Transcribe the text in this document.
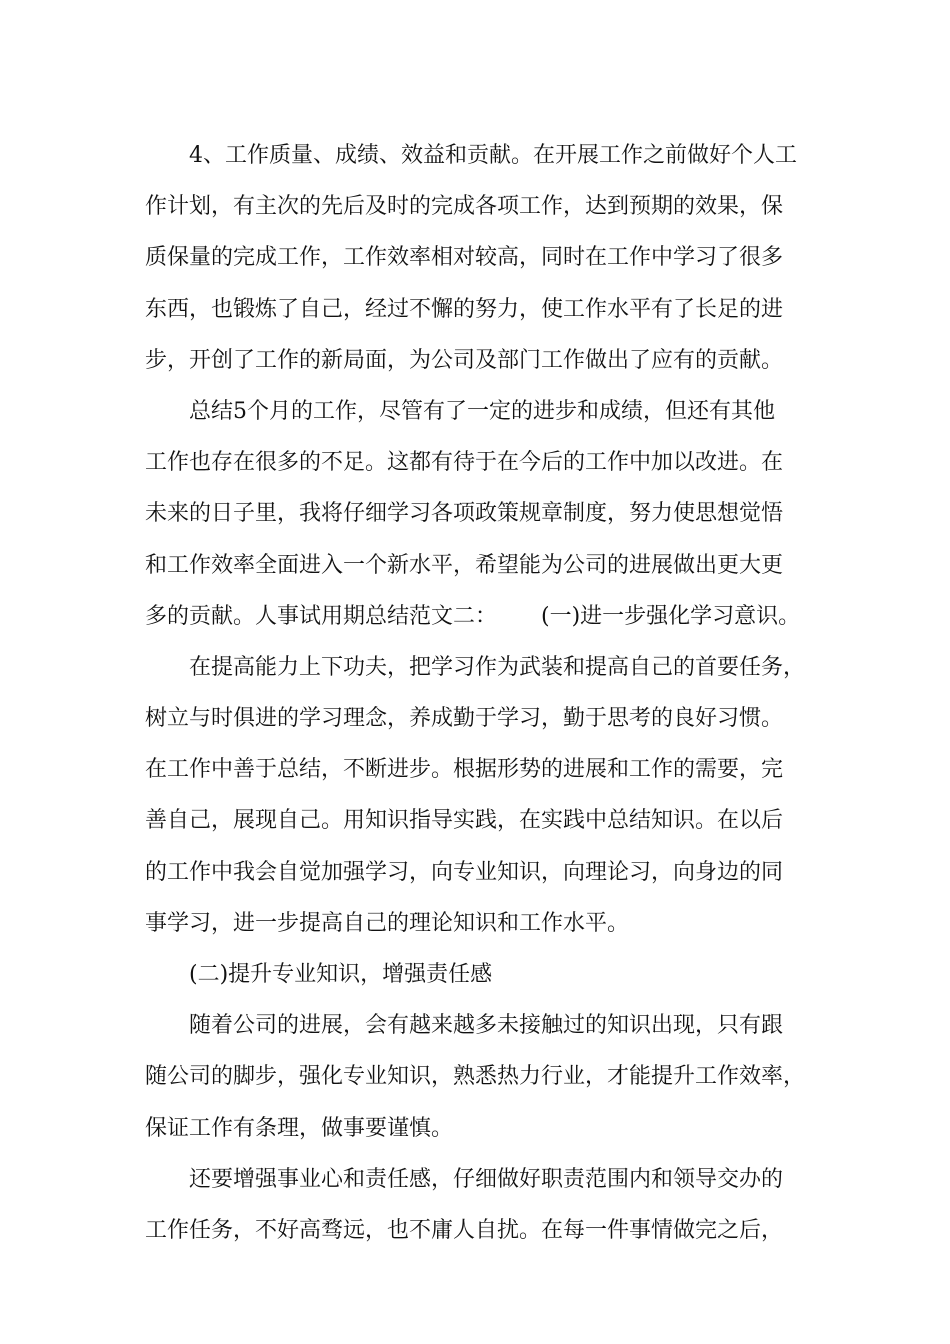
4、工作质量、成绩、效益和贡献。在开展工作之前做好个人工
作计划，有主次的先后及时的完成各项工作，达到预期的效果，保
质保量的完成工作，工作效率相对较高，同时在工作中学习了很多
东西，也锻炼了自己，经过不懈的努力，使工作水平有了长足的进
步，开创了工作的新局面，为公司及部门工作做出了应有的贡献。

总结5个月的工作，尽管有了一定的进步和成绩，但还有其他
工作也存在很多的不足。这都有待于在今后的工作中加以改进。在
未来的日子里，我将仔细学习各项政策规章制度，努力使思想觉悟
和工作效率全面进入一个新水平，希望能为公司的进展做出更大更
多的贡献。人事试用期总结范文二： (一)进一步强化学习意识。

在提高能力上下功夫，把学习作为武装和提高自己的首要任务，
树立与时俱进的学习理念，养成勤于学习，勤于思考的良好习惯。
在工作中善于总结，不断进步。根据形势的进展和工作的需要，完
善自己，展现自己。用知识指导实践，在实践中总结知识。在以后
的工作中我会自觉加强学习，向专业知识，向理论习，向身边的同
事学习，进一步提高自己的理论知识和工作水平。

(二)提升专业知识，增强责任感

随着公司的进展，会有越来越多未接触过的知识出现，只有跟
随公司的脚步，强化专业知识，熟悉热力行业，才能提升工作效率，
保证工作有条理，做事要谨慎。

还要增强事业心和责任感，仔细做好职责范围内和领导交办的
工作任务，不好高骛远，也不庸人自扰。在每一件事情做完之后，
